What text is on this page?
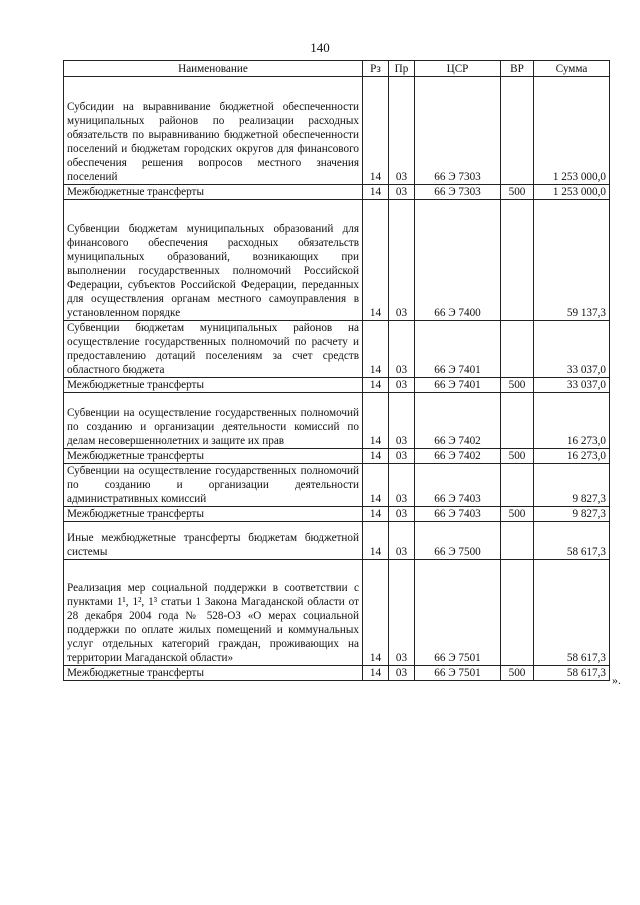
140
Наименование	Рз	Пр	ЦСР	ВР	Сумма
Субсидии на выравнивание бюджетной обеспеченности муниципальных районов по реализации расходных обязательств по выравниванию бюджетной обеспеченности поселений и бюджетам городских округов для финансового обеспечения решения вопросов местного значения поселений	14	03	66 Э 7303		1 253 000,0
Межбюджетные трансферты	14	03	66 Э 7303	500	1 253 000,0
Субвенции бюджетам муниципальных образований для финансового обеспечения расходных обязательств муниципальных образований, возникающих при выполнении государственных полномочий Российской Федерации, субъектов Российской Федерации, переданных для осуществления органам местного самоуправления в установленном порядке	14	03	66 Э 7400		59 137,3
Субвенции бюджетам муниципальных районов на осуществление государственных полномочий по расчету и предоставлению дотаций поселениям за счет средств областного бюджета	14	03	66 Э 7401		33 037,0
Межбюджетные трансферты	14	03	66 Э 7401	500	33 037,0
Субвенции на осуществление государственных полномочий по созданию и организации деятельности комиссий по делам несовершеннолетних и защите их прав	14	03	66 Э 7402		16 273,0
Межбюджетные трансферты	14	03	66 Э 7402	500	16 273,0
Субвенции на осуществление государственных полномочий по созданию и организации деятельности административных комиссий	14	03	66 Э 7403		9 827,3
Межбюджетные трансферты	14	03	66 Э 7403	500	9 827,3
Иные межбюджетные трансферты бюджетам бюджетной системы	14	03	66 Э 7500		58 617,3
Реализация мер социальной поддержки в соответствии с пунктами 1¹, 1², 1³ статьи 1 Закона Магаданской области от 28 декабря 2004 года № 528-ОЗ «О мерах социальной поддержки по оплате жилых помещений и коммунальных услуг отдельных категорий граждан, проживающих на территории Магаданской области»	14	03	66 Э 7501		58 617,3
Межбюджетные трансферты	14	03	66 Э 7501	500	58 617,3 ».
